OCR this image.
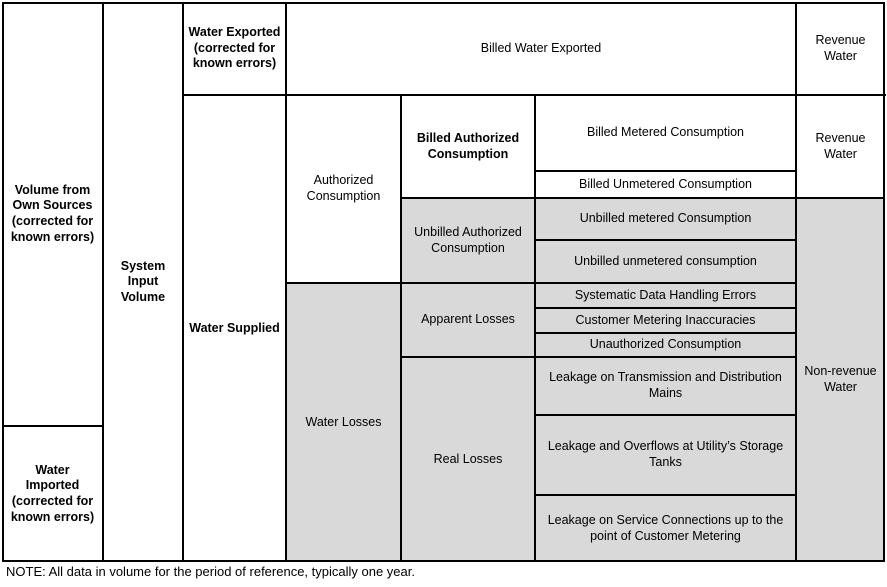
Volume from Own Sources (corrected for known errors)
Water Imported (corrected for known errors)
System Input Volume
Water Exported (corrected for known errors)
Water Supplied
Authorized Consumption
Water Losses
Billed Authorized Consumption
Unbilled Authorized Consumption
Apparent Losses
Real Losses
Billed Water Exported
Billed Metered Consumption
Billed Unmetered Consumption
Unbilled metered Consumption
Unbilled unmetered consumption
Systematic Data Handling Errors
Customer Metering Inaccuracies
Unauthorized Consumption
Leakage on Transmission and Distribution Mains
Leakage and Overflows at Utility’s Storage Tanks
Leakage on Service Connections up to the point of Customer Metering
Revenue Water
Revenue Water
Non-revenue Water
NOTE: All data in volume for the period of reference, typically one year.
